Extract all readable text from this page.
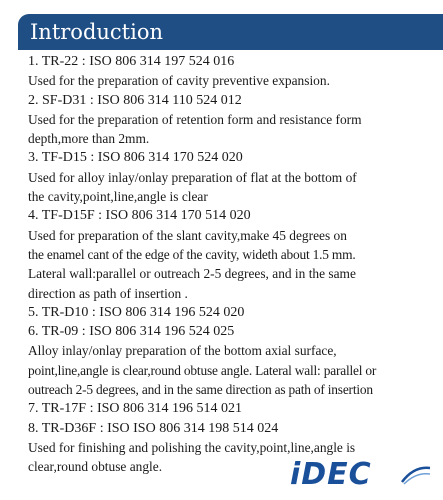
Introduction
1. TR-22 : ISO 806 314 197 524 016
Used for the preparation of cavity preventive expansion.
2. SF-D31 : ISO 806 314 110 524 012
Used for the preparation of retention form and resistance form
depth,more than 2mm.
3. TF-D15 : ISO 806 314 170 524 020
Used for alloy inlay/onlay preparation of flat at the bottom of
the cavity,point,line,angle is clear
4. TF-D15F : ISO 806 314 170 514 020
Used for preparation of the slant cavity,make 45 degrees on
the enamel cant of the edge of the cavity, wideth about 1.5 mm.
Lateral wall:parallel or outreach 2-5 degrees, and in the same
direction as path of insertion .
5. TR-D10 : ISO 806 314 196 524 020
6. TR-09 : ISO 806 314 196 524 025
Alloy inlay/onlay preparation of the bottom axial surface,
point,line,angle is clear,round obtuse angle. Lateral wall: parallel or
outreach 2-5 degrees, and in the same direction as path of insertion
7. TR-17F : ISO 806 314 196 514 021
8. TR-D36F : ISO ISO 806 314 198 514 024
Used for finishing and polishing the cavity,point,line,angle is
clear,round obtuse angle.	iDEC
